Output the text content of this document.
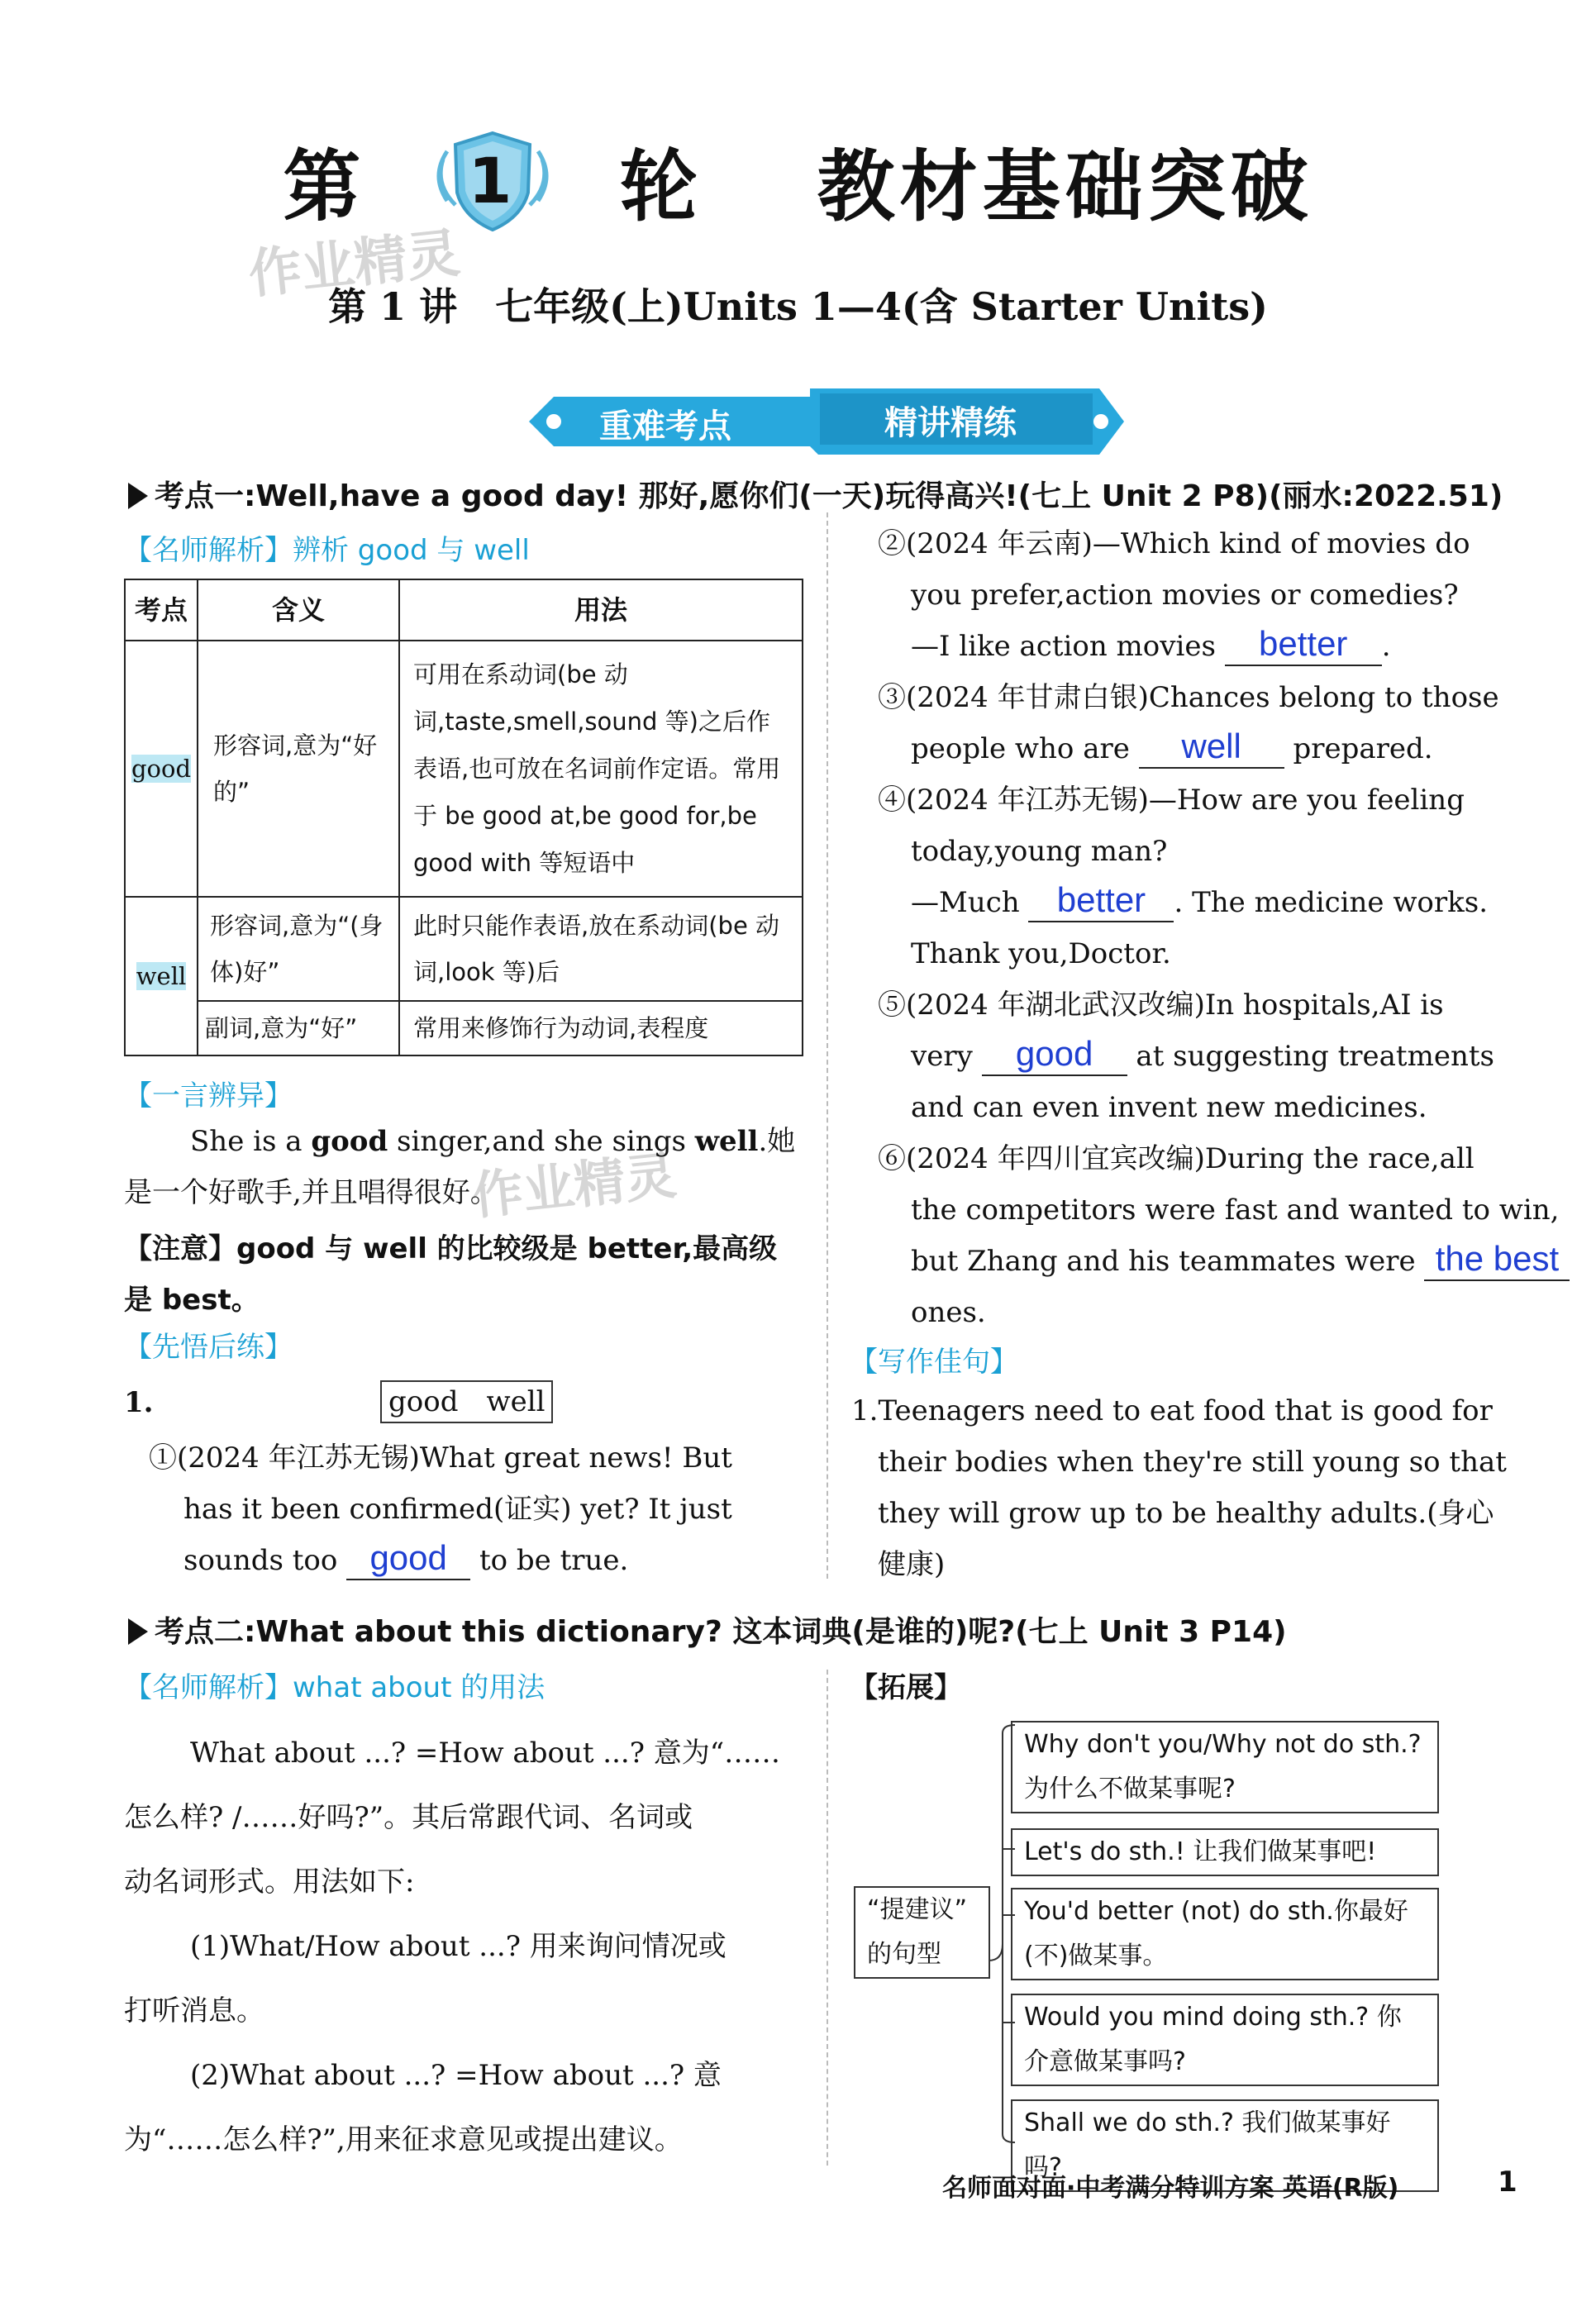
第 1 轮 教材基础突破
作业精灵
作业精灵
第 1 讲　七年级(上)Units 1—4(含 Starter Units)
重难考点	精讲精练
考点一:Well,have a good day! 那好,愿你们(一天)玩得高兴!(七上 Unit 2 P8)(丽水:2022.51)
【名师解析】辨析 good 与 well
考点	含义	用法
good	形容词,意为“好的”	可用在系动词(be 动词,taste,smell,sound 等)之后作表语,也可放在名词前作定语。常用于 be good at,be good for,be good with 等短语中
well	形容词,意为“(身体)好”	此时只能作表语,放在系动词(be 动词,look 等)后
	副词,意为“好”	常用来修饰行为动词,表程度
【一言辨异】
She is a good singer,and she sings well.她是一个好歌手,并且唱得很好。
【注意】good 与 well 的比较级是 better,最高级是 best。
【先悟后练】
1.	good　well
①(2024 年江苏无锡)What great news! But
has it been confirmed(证实) yet? It just
sounds too good to be true.
②(2024 年云南)—Which kind of movies do
you prefer,action movies or comedies?
—I like action movies better .
③(2024 年甘肃白银)Chances belong to those
people who are well prepared.
④(2024 年江苏无锡)—How are you feeling
today,young man?
—Much better . The medicine works.
Thank you,Doctor.
⑤(2024 年湖北武汉改编)In hospitals,AI is
very good at suggesting treatments
and can even invent new medicines.
⑥(2024 年四川宜宾改编)During the race,all
the competitors were fast and wanted to win,
but Zhang and his teammates were the best
ones.
【写作佳句】
1.Teenagers need to eat food that is good for
their bodies when they're still young so that
they will grow up to be healthy adults.(身心
健康)
考点二:What about this dictionary? 这本词典(是谁的)呢?(七上 Unit 3 P14)
【名师解析】what about 的用法
What about ...? =How about ...? 意为“……
怎么样? /……好吗?”。其后常跟代词、名词或
动名词形式。用法如下:
(1)What/How about ...? 用来询问情况或
打听消息。
(2)What about ...? =How about ...? 意
为“……怎么样?”,用来征求意见或提出建议。
【拓展】
“提建议”
的句型
Why don't you/Why not do sth.?
为什么不做某事呢?
Let's do sth.! 让我们做某事吧!
You'd better (not) do sth.你最好
(不)做某事。
Would you mind doing sth.? 你
介意做某事吗?
Shall we do sth.? 我们做某事好吗?
名师面对面·中考满分特训方案 英语(R版)	1
